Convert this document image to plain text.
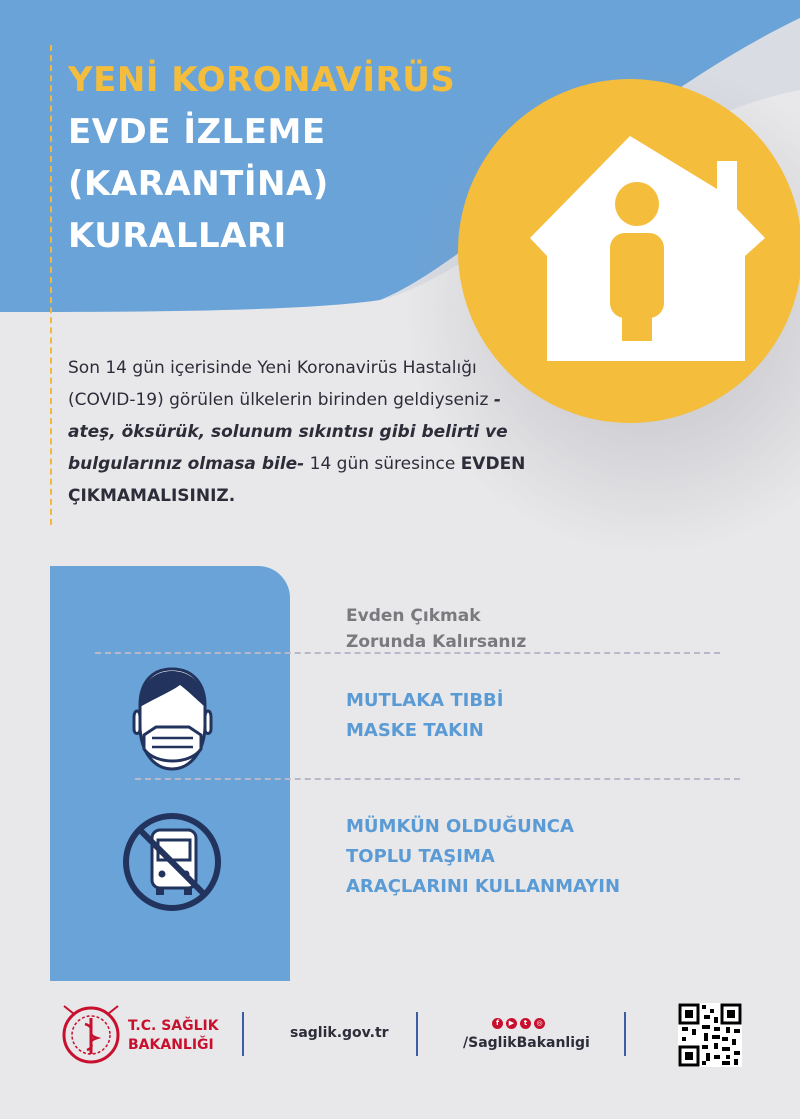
YENİ KORONAVİRÜS
EVDE İZLEME
(KARANTİNA)
KURALLARI
Son 14 gün içerisinde Yeni Koronavirüs Hastalığı (COVID-19) görülen ülkelerin birinden geldiyseniz -ateş, öksürük, solunum sıkıntısı gibi belirti ve bulgularınız olmasa bile- 14 gün süresince EVDEN ÇIKMAMALISINIZ.
Evden Çıkmak
Zorunda Kalırsanız
MUTLAKA TIBBİ
MASKE TAKIN
MÜMKÜN OLDUĞUNCA
TOPLU TAŞIMA
ARAÇLARINI KULLANMAYIN
T.C. SAĞLIK
BAKANLIĞI
saglik.gov.tr
f	▶	t	◎
/SaglikBakanligi
